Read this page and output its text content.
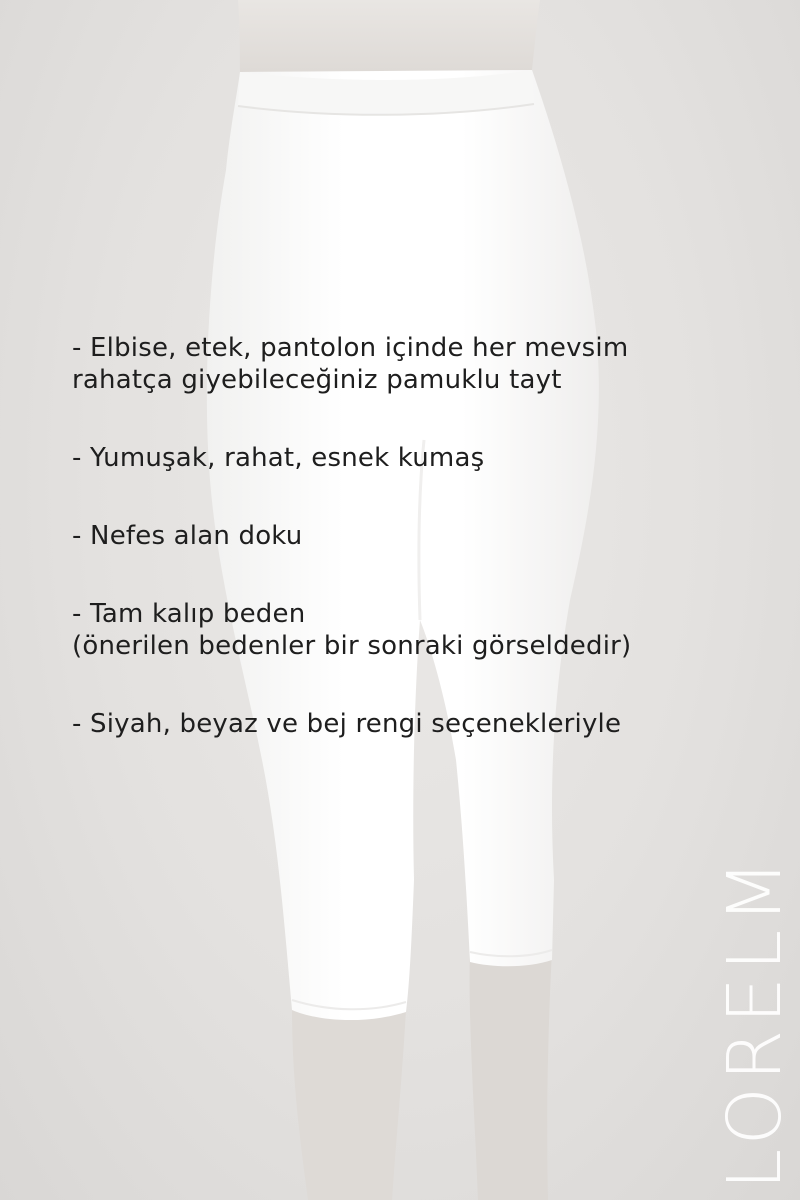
- Elbise, etek, pantolon içinde her mevsim
rahatça giyebileceğiniz pamuklu tayt
- Yumuşak, rahat, esnek kumaş
- Nefes alan doku
- Tam kalıp beden
(önerilen bedenler bir sonraki görseldedir)
- Siyah, beyaz ve bej rengi seçenekleriyle
LORELM
